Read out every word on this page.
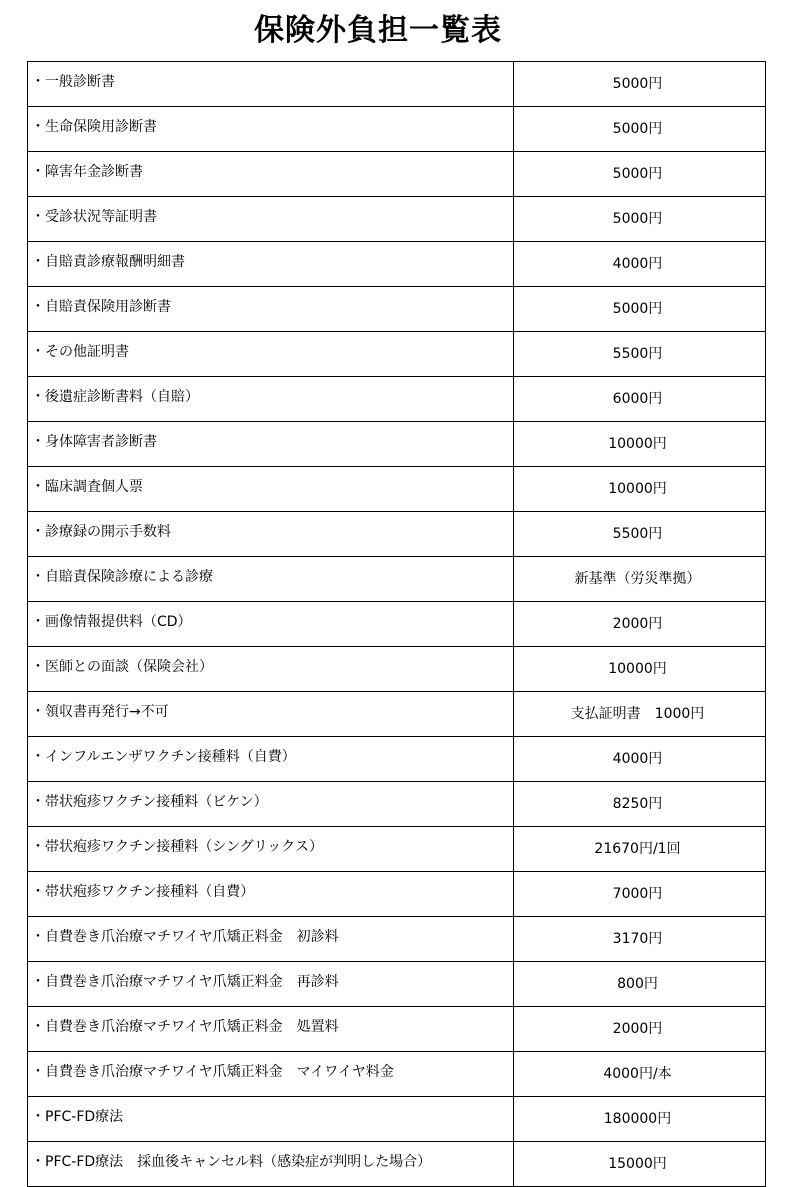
保険外負担一覧表
・一般診断書	5000円
・生命保険用診断書	5000円
・障害年金診断書	5000円
・受診状況等証明書	5000円
・自賠責診療報酬明細書	4000円
・自賠責保険用診断書	5000円
・その他証明書	5500円
・後遺症診断書料（自賠）	6000円
・身体障害者診断書	10000円
・臨床調査個人票	10000円
・診療録の開示手数料	5500円
・自賠責保険診療による診療	新基準（労災準拠）
・画像情報提供料（CD）	2000円
・医師との面談（保険会社）	10000円
・領収書再発行→不可	支払証明書　1000円
・インフルエンザワクチン接種料（自費）	4000円
・帯状疱疹ワクチン接種料（ビケン）	8250円
・帯状疱疹ワクチン接種料（シングリックス）	21670円/1回
・帯状疱疹ワクチン接種料（自費）	7000円
・自費巻き爪治療マチワイヤ爪矯正料金　初診料	3170円
・自費巻き爪治療マチワイヤ爪矯正料金　再診料	800円
・自費巻き爪治療マチワイヤ爪矯正料金　処置料	2000円
・自費巻き爪治療マチワイヤ爪矯正料金　マイワイヤ料金	4000円/本
・PFC-FD療法	180000円
・PFC-FD療法　採血後キャンセル料（感染症が判明した場合）	15000円
